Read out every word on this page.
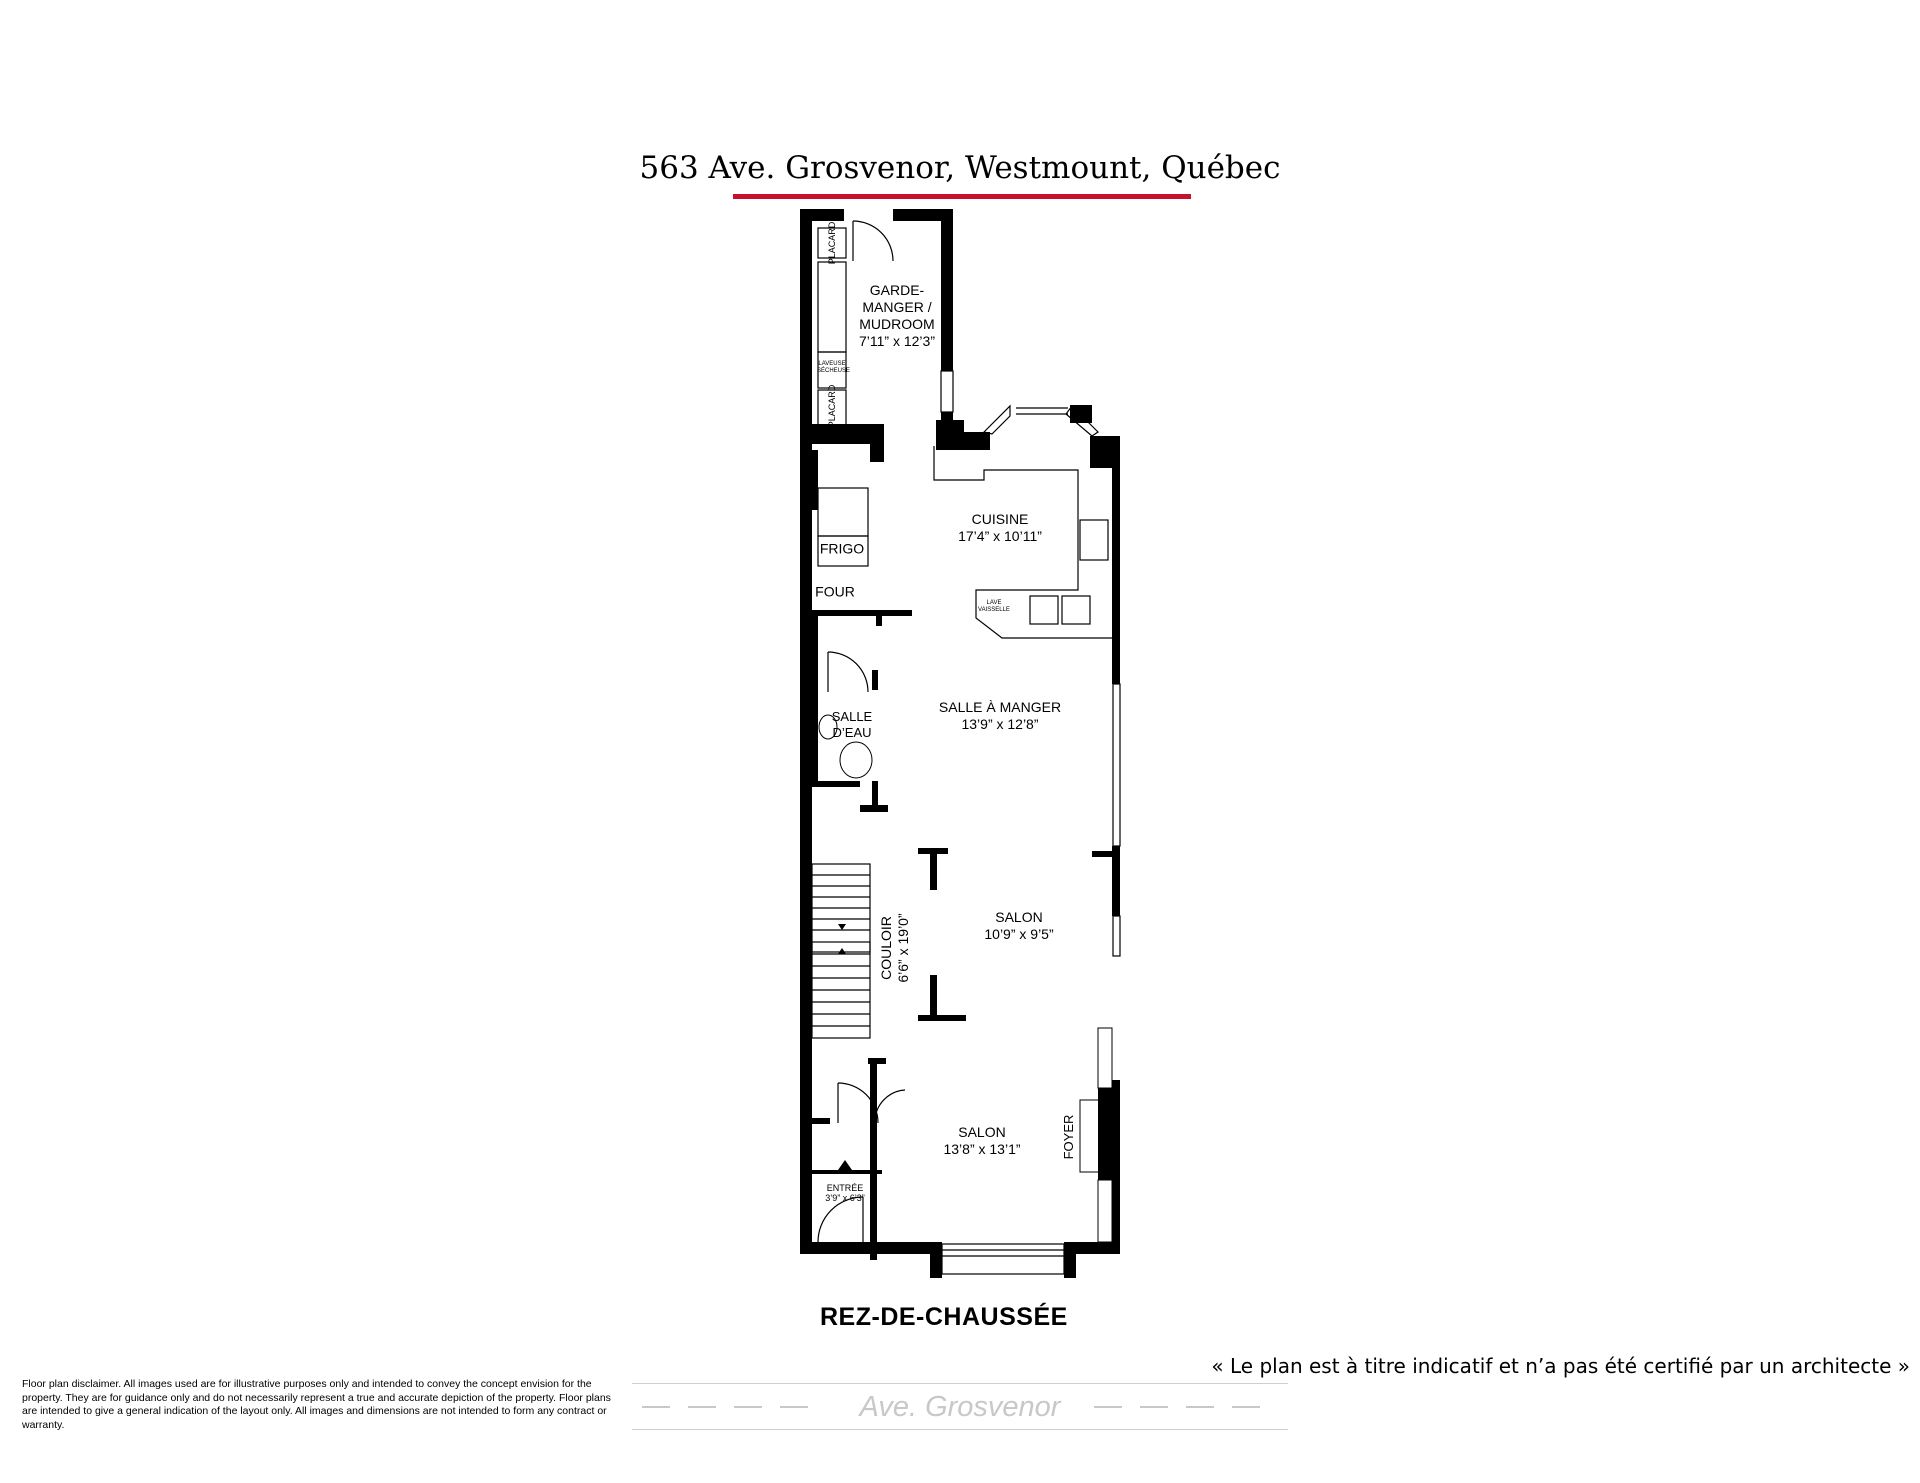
563 Ave. Grosvenor, Westmount, Québec
GARDE-
MANGER /
MUDROOM
7’11” x 12’3”
CUISINE
17’4” x 10’11”
SALLE À MANGER
13’9” x 12’8”
SALLE
D’EAU
COULOIR 6’6” x 19’0”	SALON
10’9” x 9’5”
SALON
13’8” x 13’1”
ENTRÉE
3’9” x 6’3”
FRIGO
FOUR
FOYER
PLACARD
PLACARD
LAVEUSE SÉCHEUSE
LAVE VAISSELLE
REZ-DE-CHAUSSÉE
« Le plan est à titre indicatif et n’a pas été certifié par un architecte »
Floor plan disclaimer. All images used are for illustrative purposes only and intended to convey the concept envision for the property. They are for guidance only and do not necessarily represent a true and accurate depiction of the property. Floor plans are intended to give a general indication of the layout only. All images and dimensions are not intended to form any contract or warranty.
Ave. Grosvenor
